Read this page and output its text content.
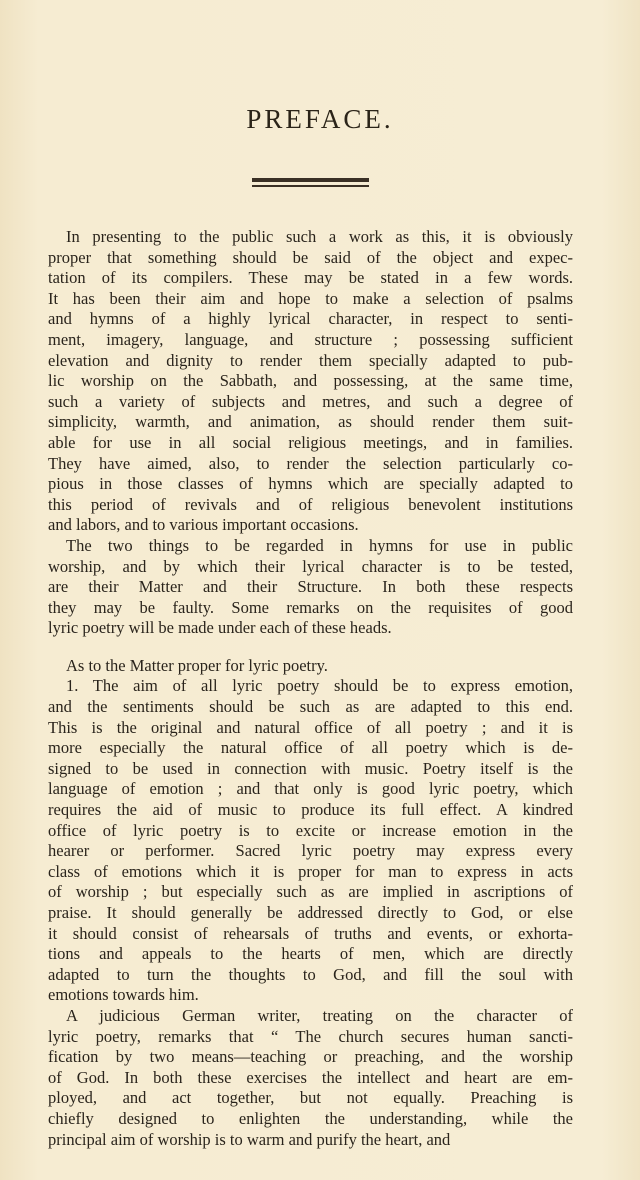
PREFACE.
In presenting to the public such a work as this, it is obviously
proper that something should be said of the object and expec-
tation of its compilers. These may be stated in a few words.
It has been their aim and hope to make a selection of psalms
and hymns of a highly lyrical character, in respect to senti-
ment, imagery, language, and structure ; possessing sufficient
elevation and dignity to render them specially adapted to pub-
lic worship on the Sabbath, and possessing, at the same time,
such a variety of subjects and metres, and such a degree of
simplicity, warmth, and animation, as should render them suit-
able for use in all social religious meetings, and in families.
They have aimed, also, to render the selection particularly co-
pious in those classes of hymns which are specially adapted to
this period of revivals and of religious benevolent institutions
and labors, and to various important occasions.
The two things to be regarded in hymns for use in public
worship, and by which their lyrical character is to be tested,
are their Matter and their Structure. In both these respects
they may be faulty. Some remarks on the requisites of good
lyric poetry will be made under each of these heads.
As to the Matter proper for lyric poetry.
1. The aim of all lyric poetry should be to express emotion,
and the sentiments should be such as are adapted to this end.
This is the original and natural office of all poetry ; and it is
more especially the natural office of all poetry which is de-
signed to be used in connection with music. Poetry itself is the
language of emotion ; and that only is good lyric poetry, which
requires the aid of music to produce its full effect. A kindred
office of lyric poetry is to excite or increase emotion in the
hearer or performer. Sacred lyric poetry may express every
class of emotions which it is proper for man to express in acts
of worship ; but especially such as are implied in ascriptions of
praise. It should generally be addressed directly to God, or else
it should consist of rehearsals of truths and events, or exhorta-
tions and appeals to the hearts of men, which are directly
adapted to turn the thoughts to God, and fill the soul with
emotions towards him.
A judicious German writer, treating on the character of
lyric poetry, remarks that “ The church secures human sancti-
fication by two means—teaching or preaching, and the worship
of God. In both these exercises the intellect and heart are em-
ployed, and act together, but not equally. Preaching is
chiefly designed to enlighten the understanding, while the
principal aim of worship is to warm and purify the heart, and
